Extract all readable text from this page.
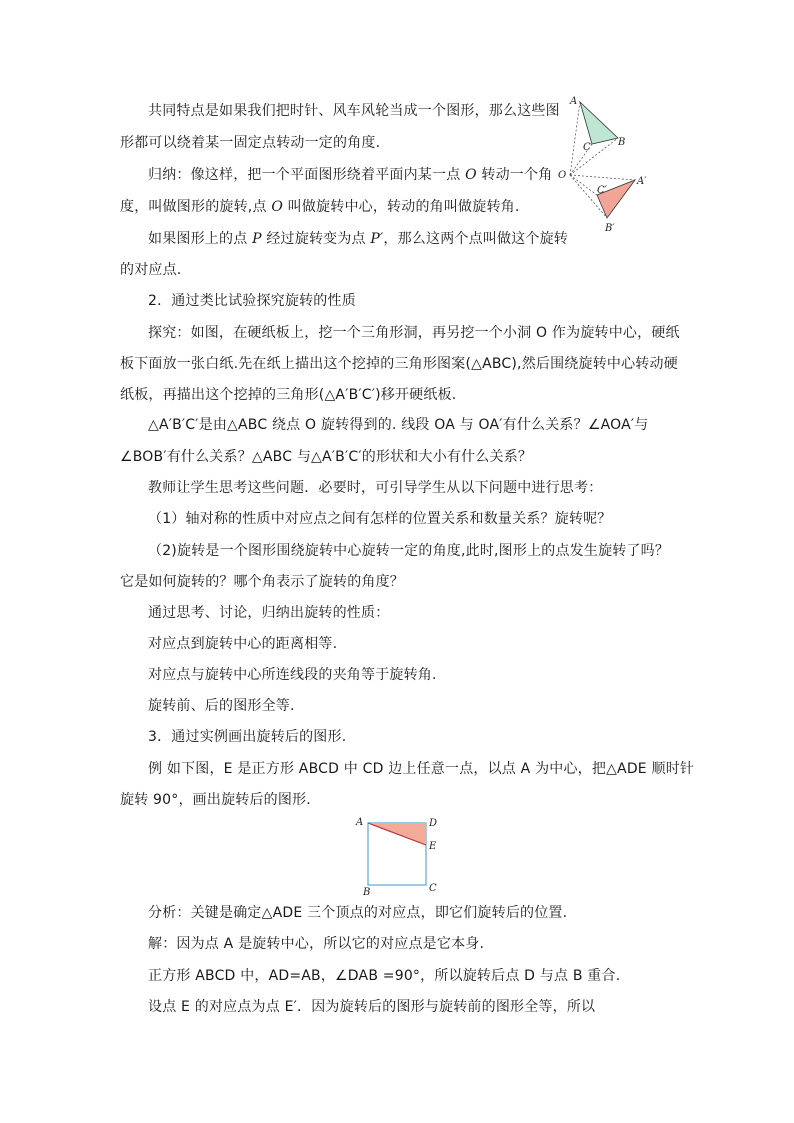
共同特点是如果我们把时针、风车风轮当成一个图形，那么这些图
形都可以绕着某一固定点转动一定的角度.
归纳：像这样，把一个平面图形绕着平面内某一点 O 转动一个角
度，叫做图形的旋转,点 O 叫做旋转中心，转动的角叫做旋转角.
如果图形上的点 P 经过旋转变为点 P′，那么这两个点叫做这个旋转
的对应点.
2．通过类比试验探究旋转的性质
探究：如图，在硬纸板上，挖一个三角形洞，再另挖一个小洞 O 作为旋转中心，硬纸
板下面放一张白纸.先在纸上描出这个挖掉的三角形图案(△ABC),然后围绕旋转中心转动硬
纸板，再描出这个挖掉的三角形(△A′B′C′)移开硬纸板.
△A′B′C′是由△ABC 绕点 O 旋转得到的. 线段 OA 与 OA′有什么关系？∠AOA′与
∠BOB′有什么关系？△ABC 与△A′B′C′的形状和大小有什么关系？
教师让学生思考这些问题．必要时，可引导学生从以下问题中进行思考：
（1）轴对称的性质中对应点之间有怎样的位置关系和数量关系？旋转呢？
（2)旋转是一个图形围绕旋转中心旋转一定的角度,此时,图形上的点发生旋转了吗？
它是如何旋转的？哪个角表示了旋转的角度？
通过思考、讨论，归纳出旋转的性质：
对应点到旋转中心的距离相等.
对应点与旋转中心所连线段的夹角等于旋转角.
旋转前、后的图形全等.
3．通过实例画出旋转后的图形.
例 如下图，E 是正方形 ABCD 中 CD 边上任意一点，以点 A 为中心，把△ADE 顺时针
旋转 90°，画出旋转后的图形.
分析：关键是确定△ADE 三个顶点的对应点，即它们旋转后的位置.
解：因为点 A 是旋转中心，所以它的对应点是它本身.
正方形 ABCD 中，AD=AB，∠DAB =90°，所以旋转后点 D 与点 B 重合.
设点 E 的对应点为点 E′．因为旋转后的图形与旋转前的图形全等，所以
A
B
C
O
A′
C′
B′
A	D
E
C
B
